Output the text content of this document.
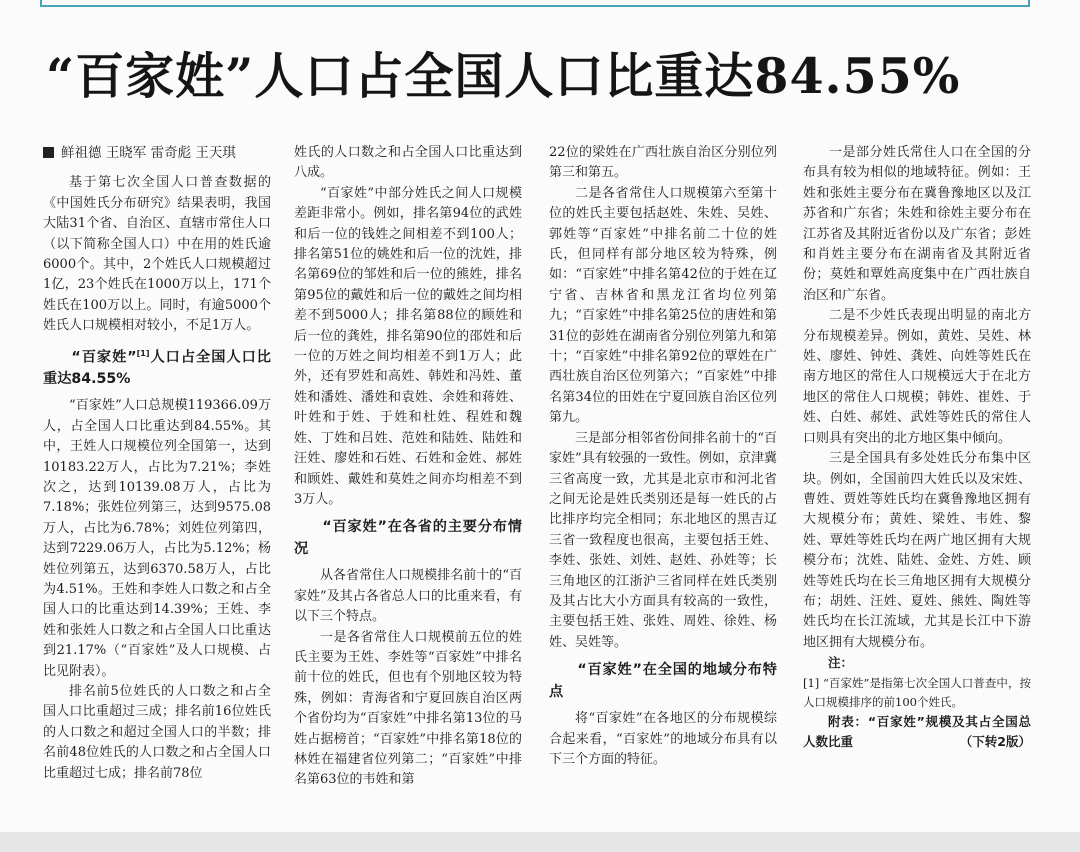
“百家姓”人口占全国人口比重达84.55%
鲜祖德 王晓军 雷奇彪 王天琪

基于第七次全国人口普查数据的《中国姓氏分布研究》结果表明，我国大陆31个省、自治区、直辖市常住人口（以下简称全国人口）中在用的姓氏逾6000个。其中，2个姓氏人口规模超过1亿，23个姓氏在1000万以上，171个姓氏在100万以上。同时，有逾5000个姓氏人口规模相对较小，不足1万人。

“百家姓”[1]人口占全国人口比重达84.55%

“百家姓”人口总规模119366.09万人，占全国人口比重达到84.55%。其中，王姓人口规模位列全国第一，达到10183.22万人，占比为7.21%；李姓次之，达到10139.08万人，占比为7.18%；张姓位列第三，达到9575.08万人，占比为6.78%；刘姓位列第四，达到7229.06万人，占比为5.12%；杨姓位列第五，达到6370.58万人，占比为4.51%。王姓和李姓人口数之和占全国人口的比重达到14.39%；王姓、李姓和张姓人口数之和占全国人口比重达到21.17%（“百家姓”及人口规模、占比见附表）。

排名前5位姓氏的人口数之和占全国人口比重超过三成；排名前16位姓氏的人口数之和超过全国人口的半数；排名前48位姓氏的人口数之和占全国人口比重超过七成；排名前78位

姓氏的人口数之和占全国人口比重达到八成。

“百家姓”中部分姓氏之间人口规模差距非常小。例如，排名第94位的武姓和后一位的钱姓之间相差不到100人；排名第51位的姚姓和后一位的沈姓，排名第69位的邹姓和后一位的熊姓，排名第95位的戴姓和后一位的戴姓之间均相差不到5000人；排名第88位的顾姓和后一位的龚姓，排名第90位的邵姓和后一位的万姓之间均相差不到1万人；此外，还有罗姓和高姓、韩姓和冯姓、董姓和潘姓、潘姓和袁姓、余姓和蒋姓、叶姓和于姓、于姓和杜姓、程姓和魏姓、丁姓和吕姓、范姓和陆姓、陆姓和汪姓、廖姓和石姓、石姓和金姓、郝姓和顾姓、戴姓和莫姓之间亦均相差不到3万人。

“百家姓”在各省的主要分布情况

从各省常住人口规模排名前十的“百家姓”及其占各省总人口的比重来看，有以下三个特点。

一是各省常住人口规模前五位的姓氏主要为王姓、李姓等“百家姓”中排名前十位的姓氏，但也有个别地区较为特殊，例如：青海省和宁夏回族自治区两个省份均为“百家姓”中排名第13位的马姓占据榜首；“百家姓”中排名第18位的林姓在福建省位列第二；“百家姓”中排名第63位的韦姓和第

22位的梁姓在广西壮族自治区分别位列第三和第五。

二是各省常住人口规模第六至第十位的姓氏主要包括赵姓、朱姓、吴姓、郭姓等“百家姓”中排名前二十位的姓氏，但同样有部分地区较为特殊，例如：“百家姓”中排名第42位的于姓在辽宁省、吉林省和黑龙江省均位列第九；“百家姓”中排名第25位的唐姓和第31位的彭姓在湖南省分别位列第九和第十；“百家姓”中排名第92位的覃姓在广西壮族自治区位列第六；“百家姓”中排名第34位的田姓在宁夏回族自治区位列第九。

三是部分相邻省份间排名前十的“百家姓”具有较强的一致性。例如，京津冀三省高度一致，尤其是北京市和河北省之间无论是姓氏类别还是每一姓氏的占比排序均完全相同；东北地区的黑吉辽三省一致程度也很高，主要包括王姓、李姓、张姓、刘姓、赵姓、孙姓等；长三角地区的江浙沪三省同样在姓氏类别及其占比大小方面具有较高的一致性，主要包括王姓、张姓、周姓、徐姓、杨姓、吴姓等。

“百家姓”在全国的地域分布特点

将“百家姓”在各地区的分布规模综合起来看，“百家姓”的地域分布具有以下三个方面的特征。

一是部分姓氏常住人口在全国的分布具有较为相似的地域特征。例如：王姓和张姓主要分布在冀鲁豫地区以及江苏省和广东省；朱姓和徐姓主要分布在江苏省及其附近省份以及广东省；彭姓和肖姓主要分布在湖南省及其附近省份；莫姓和覃姓高度集中在广西壮族自治区和广东省。

二是不少姓氏表现出明显的南北方分布规模差异。例如，黄姓、吴姓、林姓、廖姓、钟姓、龚姓、向姓等姓氏在南方地区的常住人口规模远大于在北方地区的常住人口规模；韩姓、崔姓、于姓、白姓、郝姓、武姓等姓氏的常住人口则具有突出的北方地区集中倾向。

三是全国具有多处姓氏分布集中区块。例如，全国前四大姓氏以及宋姓、曹姓、贾姓等姓氏均在冀鲁豫地区拥有大规模分布；黄姓、梁姓、韦姓、黎姓、覃姓等姓氏均在两广地区拥有大规模分布；沈姓、陆姓、金姓、方姓、顾姓等姓氏均在长三角地区拥有大规模分布；胡姓、汪姓、夏姓、熊姓、陶姓等姓氏均在长江流域，尤其是长江中下游地区拥有大规模分布。

注：

[1] “百家姓”是指第七次全国人口普查中，按人口规模排序的前100个姓氏。

附表：“百家姓”规模及其占全国总人数比重	（下转2版）
